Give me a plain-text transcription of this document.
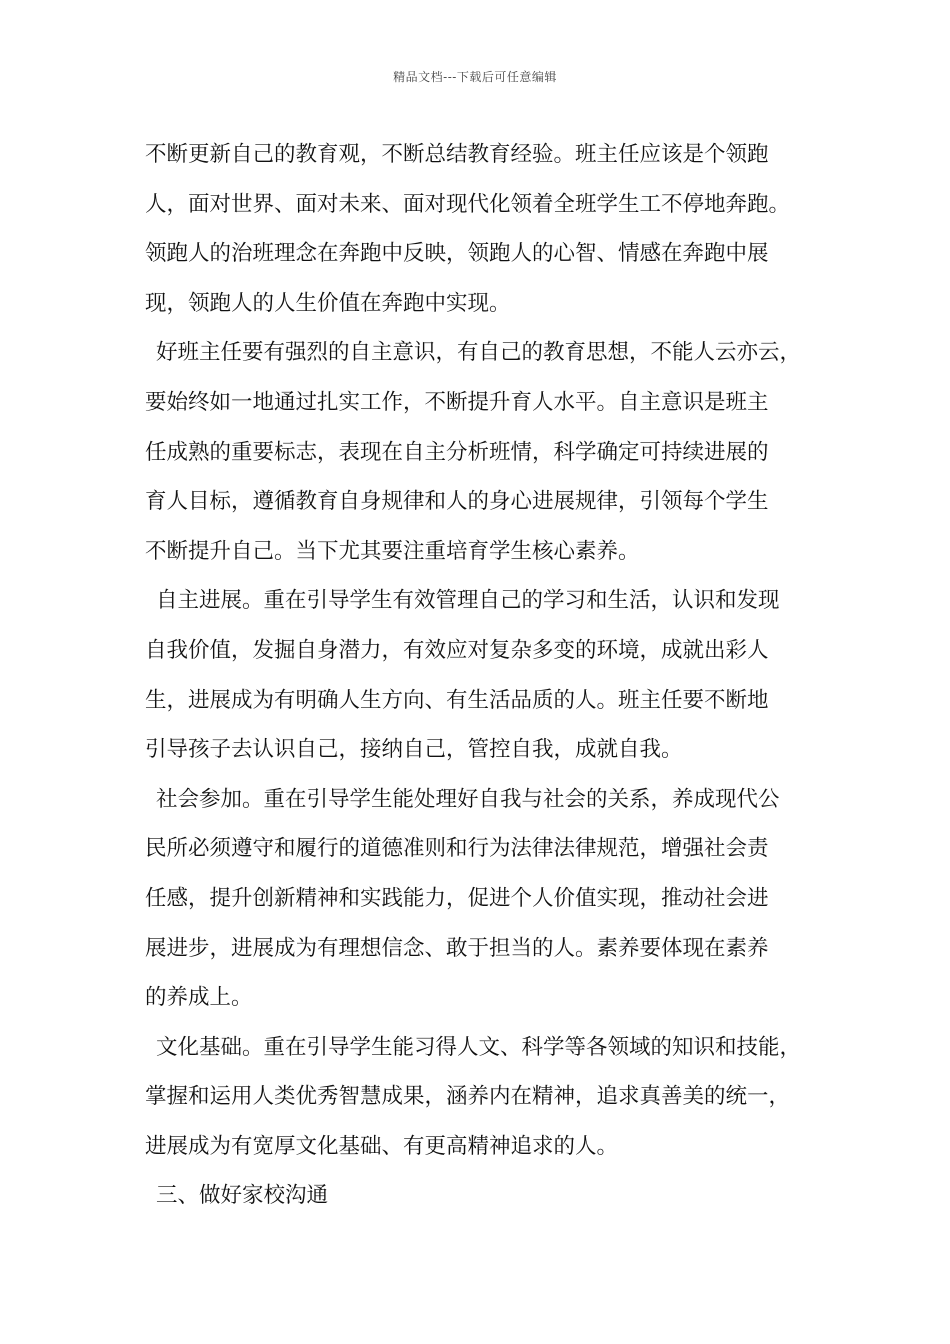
精品文档---下载后可任意编辑
不断更新自己的教育观，不断总结教育经验。班主任应该是个领跑
人，面对世界、面对未来、面对现代化领着全班学生工不停地奔跑。
领跑人的治班理念在奔跑中反映，领跑人的心智、情感在奔跑中展
现，领跑人的人生价值在奔跑中实现。
好班主任要有强烈的自主意识，有自己的教育思想，不能人云亦云，
要始终如一地通过扎实工作，不断提升育人水平。自主意识是班主
任成熟的重要标志，表现在自主分析班情，科学确定可持续进展的
育人目标，遵循教育自身规律和人的身心进展规律，引领每个学生
不断提升自己。当下尤其要注重培育学生核心素养。
自主进展。重在引导学生有效管理自己的学习和生活，认识和发现
自我价值，发掘自身潜力，有效应对复杂多变的环境，成就出彩人
生，进展成为有明确人生方向、有生活品质的人。班主任要不断地
引导孩子去认识自己，接纳自己，管控自我，成就自我。
社会参加。重在引导学生能处理好自我与社会的关系，养成现代公
民所必须遵守和履行的道德准则和行为法律法律规范，增强社会责
任感，提升创新精神和实践能力，促进个人价值实现，推动社会进
展进步，进展成为有理想信念、敢于担当的人。素养要体现在素养
的养成上。
文化基础。重在引导学生能习得人文、科学等各领域的知识和技能，
掌握和运用人类优秀智慧成果，涵养内在精神，追求真善美的统一，
进展成为有宽厚文化基础、有更高精神追求的人。
三、做好家校沟通
